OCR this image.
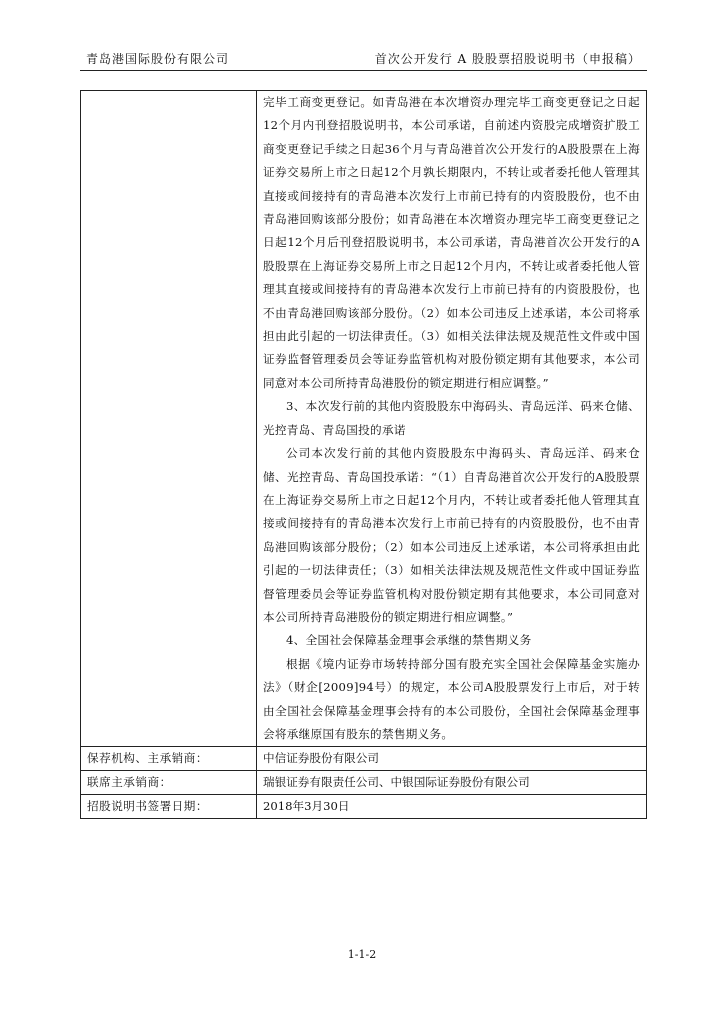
青岛港国际股份有限公司	首次公开发行 A 股股票招股说明书（申报稿）

	完毕工商变更登记。如青岛港在本次增资办理完毕工商变更登记之日起12个月内刊登招股说明书，本公司承诺，自前述内资股完成增资扩股工商变更登记手续之日起36个月与青岛港首次公开发行的A股股票在上海证券交易所上市之日起12个月孰长期限内，不转让或者委托他人管理其直接或间接持有的青岛港本次发行上市前已持有的内资股股份，也不由青岛港回购该部分股份；如青岛港在本次增资办理完毕工商变更登记之日起12个月后刊登招股说明书，本公司承诺，青岛港首次公开发行的A股股票在上海证券交易所上市之日起12个月内，不转让或者委托他人管理其直接或间接持有的青岛港本次发行上市前已持有的内资股股份，也不由青岛港回购该部分股份。（2）如本公司违反上述承诺，本公司将承担由此引起的一切法律责任。（3）如相关法律法规及规范性文件或中国证券监督管理委员会等证券监管机构对股份锁定期有其他要求，本公司同意对本公司所持青岛港股份的锁定期进行相应调整。”

3、本次发行前的其他内资股股东中海码头、青岛远洋、码来仓储、光控青岛、青岛国投的承诺

公司本次发行前的其他内资股股东中海码头、青岛远洋、码来仓储、光控青岛、青岛国投承诺：“（1）自青岛港首次公开发行的A股股票在上海证券交易所上市之日起12个月内，不转让或者委托他人管理其直接或间接持有的青岛港本次发行上市前已持有的内资股股份，也不由青岛港回购该部分股份；（2）如本公司违反上述承诺，本公司将承担由此引起的一切法律责任；（3）如相关法律法规及规范性文件或中国证券监督管理委员会等证券监管机构对股份锁定期有其他要求，本公司同意对本公司所持青岛港股份的锁定期进行相应调整。”

4、全国社会保障基金理事会承继的禁售期义务

根据《境内证券市场转持部分国有股充实全国社会保障基金实施办法》（财企[2009]94号）的规定，本公司A股股票发行上市后，对于转由全国社会保障基金理事会持有的本公司股份，全国社会保障基金理事会将承继原国有股东的禁售期义务。

保荐机构、主承销商：	中信证券股份有限公司
联席主承销商：	瑞银证券有限责任公司、中银国际证券股份有限公司
招股说明书签署日期：	2018年3月30日
1-1-2
